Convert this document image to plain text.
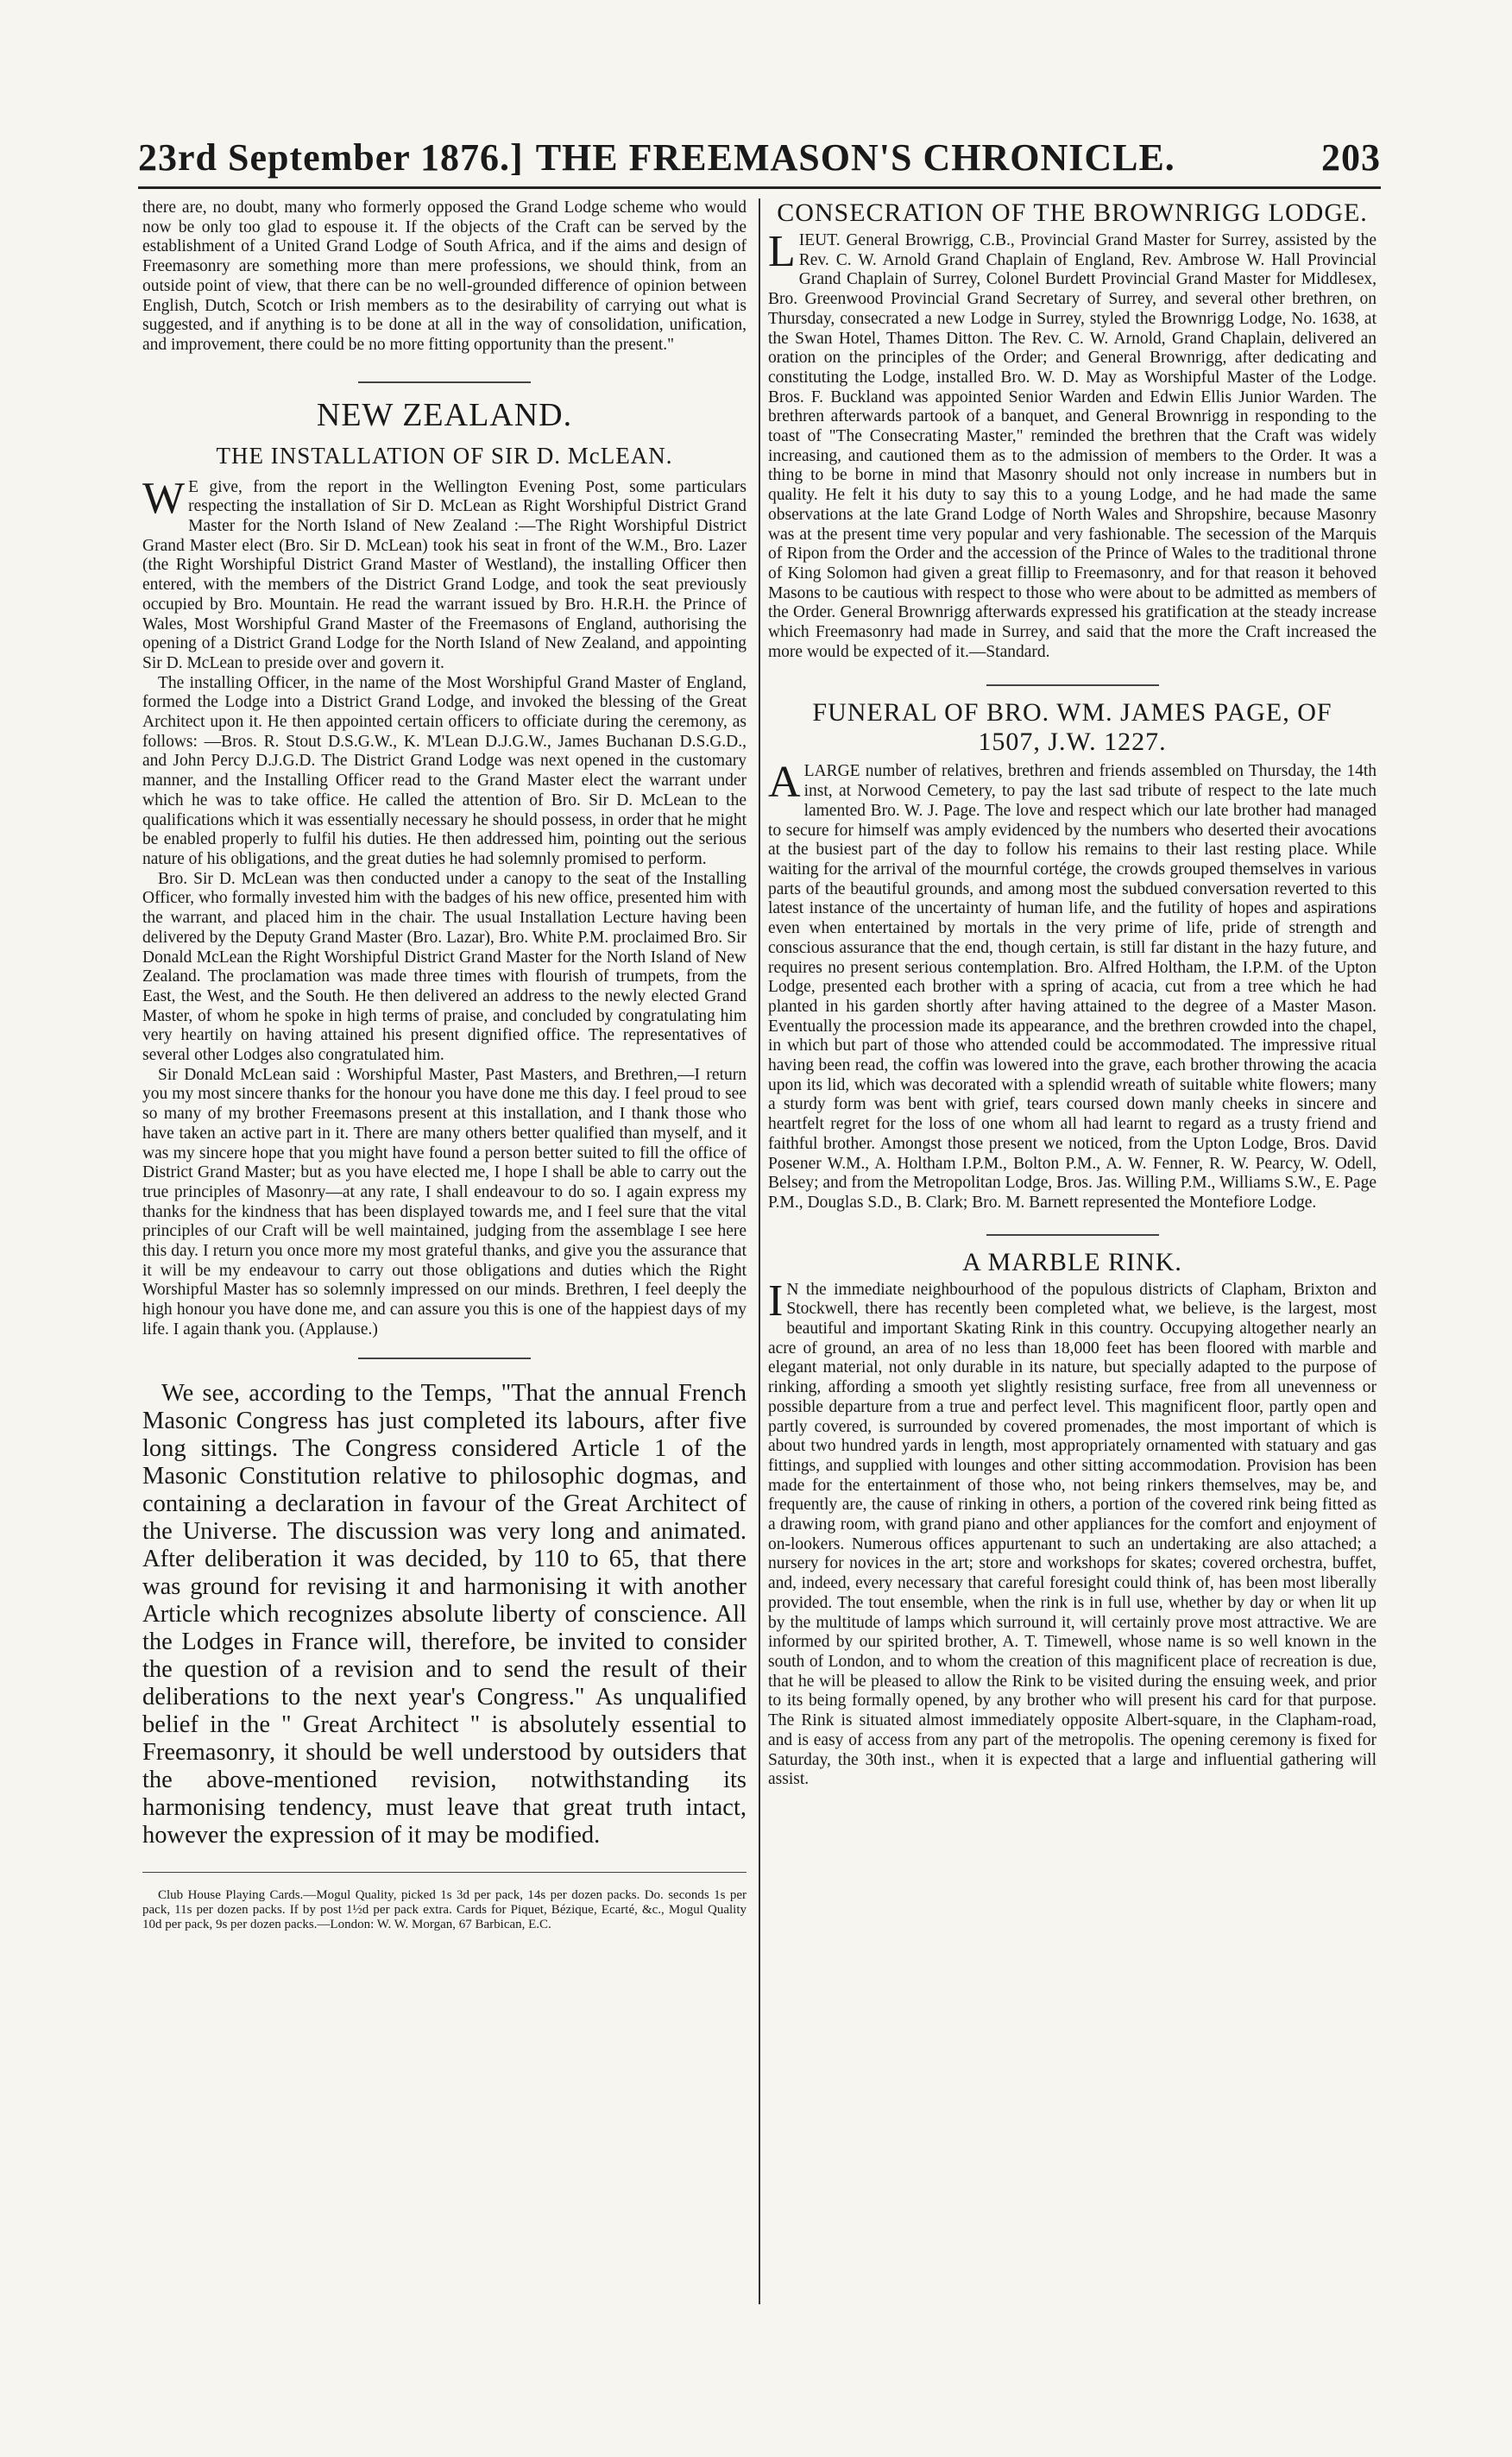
23rd September 1876.] THE FREEMASON'S CHRONICLE.	203

there are, no doubt, many who formerly opposed the Grand Lodge scheme who would now be only too glad to espouse it. If the objects of the Craft can be served by the establishment of a United Grand Lodge of South Africa, and if the aims and design of Freemasonry are something more than mere professions, we should think, from an outside point of view, that there can be no well-grounded difference of opinion between English, Dutch, Scotch or Irish members as to the desirability of carrying out what is suggested, and if anything is to be done at all in the way of consolidation, unification, and improvement, there could be no more fitting opportunity than the present."

NEW ZEALAND.
THE INSTALLATION OF SIR D. McLEAN.

W E give, from the report in the Wellington Evening Post, some particulars respecting the installation of Sir D. McLean as Right Worshipful District Grand Master for the North Island of New Zealand :—The Right Worshipful District Grand Master elect (Bro. Sir D. McLean) took his seat in front of the W.M., Bro. Lazer (the Right Worshipful District Grand Master of Westland), the installing Officer then entered, with the members of the District Grand Lodge, and took the seat previously occupied by Bro. Mountain. He read the warrant issued by Bro. H.R.H. the Prince of Wales, Most Worshipful Grand Master of the Freemasons of England, authorising the opening of a District Grand Lodge for the North Island of New Zealand, and appointing Sir D. McLean to preside over and govern it.

The installing Officer, in the name of the Most Worshipful Grand Master of England, formed the Lodge into a District Grand Lodge, and invoked the blessing of the Great Architect upon it. He then appointed certain officers to officiate during the ceremony, as follows: —Bros. R. Stout D.S.G.W., K. M'Lean D.J.G.W., James Buchanan D.S.G.D., and John Percy D.J.G.D. The District Grand Lodge was next opened in the customary manner, and the Installing Officer read to the Grand Master elect the warrant under which he was to take office. He called the attention of Bro. Sir D. McLean to the qualifications which it was essentially necessary he should possess, in order that he might be enabled properly to fulfil his duties. He then addressed him, pointing out the serious nature of his obligations, and the great duties he had solemnly promised to perform.

Bro. Sir D. McLean was then conducted under a canopy to the seat of the Installing Officer, who formally invested him with the badges of his new office, presented him with the warrant, and placed him in the chair. The usual Installation Lecture having been delivered by the Deputy Grand Master (Bro. Lazar), Bro. White P.M. proclaimed Bro. Sir Donald McLean the Right Worshipful District Grand Master for the North Island of New Zealand. The proclamation was made three times with flourish of trumpets, from the East, the West, and the South. He then delivered an address to the newly elected Grand Master, of whom he spoke in high terms of praise, and concluded by congratulating him very heartily on having attained his present dignified office. The representatives of several other Lodges also congratulated him.

Sir Donald McLean said : Worshipful Master, Past Masters, and Brethren,—I return you my most sincere thanks for the honour you have done me this day. I feel proud to see so many of my brother Freemasons present at this installation, and I thank those who have taken an active part in it. There are many others better qualified than myself, and it was my sincere hope that you might have found a person better suited to fill the office of District Grand Master; but as you have elected me, I hope I shall be able to carry out the true principles of Masonry—at any rate, I shall endeavour to do so. I again express my thanks for the kindness that has been displayed towards me, and I feel sure that the vital principles of our Craft will be well maintained, judging from the assemblage I see here this day. I return you once more my most grateful thanks, and give you the assurance that it will be my endeavour to carry out those obligations and duties which the Right Worshipful Master has so solemnly impressed on our minds. Brethren, I feel deeply the high honour you have done me, and can assure you this is one of the happiest days of my life. I again thank you. (Applause.)

We see, according to the Temps, "That the annual French Masonic Congress has just completed its labours, after five long sittings. The Congress considered Article 1 of the Masonic Constitution relative to philosophic dogmas, and containing a declaration in favour of the Great Architect of the Universe. The discussion was very long and animated. After deliberation it was decided, by 110 to 65, that there was ground for revising it and harmonising it with another Article which recognizes absolute liberty of conscience. All the Lodges in France will, therefore, be invited to consider the question of a revision and to send the result of their deliberations to the next year's Congress." As unqualified belief in the " Great Architect " is absolutely essential to Freemasonry, it should be well understood by outsiders that the above-mentioned revision, notwithstanding its harmonising tendency, must leave that great truth intact, however the expression of it may be modified.

Club House Playing Cards.—Mogul Quality, picked 1s 3d per pack, 14s per dozen packs. Do. seconds 1s per pack, 11s per dozen packs. If by post 1½d per pack extra. Cards for Piquet, Bézique, Ecarté, &c., Mogul Quality 10d per pack, 9s per dozen packs.—London: W. W. Morgan, 67 Barbican, E.C.

CONSECRATION OF THE BROWNRIGG LODGE.

LIEUT. General Browrigg, C.B., Provincial Grand Master for Surrey, assisted by the Rev. C. W. Arnold Grand Chaplain of England, Rev. Ambrose W. Hall Provincial Grand Chaplain of Surrey, Colonel Burdett Provincial Grand Master for Middlesex, Bro. Greenwood Provincial Grand Secretary of Surrey, and several other brethren, on Thursday, consecrated a new Lodge in Surrey, styled the Brownrigg Lodge, No. 1638, at the Swan Hotel, Thames Ditton. The Rev. C. W. Arnold, Grand Chaplain, delivered an oration on the principles of the Order; and General Brownrigg, after dedicating and constituting the Lodge, installed Bro. W. D. May as Worshipful Master of the Lodge. Bros. F. Buckland was appointed Senior Warden and Edwin Ellis Junior Warden. The brethren afterwards partook of a banquet, and General Brownrigg in responding to the toast of "The Consecrating Master," reminded the brethren that the Craft was widely increasing, and cautioned them as to the admission of members to the Order. It was a thing to be borne in mind that Masonry should not only increase in numbers but in quality. He felt it his duty to say this to a young Lodge, and he had made the same observations at the late Grand Lodge of North Wales and Shropshire, because Masonry was at the present time very popular and very fashionable. The secession of the Marquis of Ripon from the Order and the accession of the Prince of Wales to the traditional throne of King Solomon had given a great fillip to Freemasonry, and for that reason it behoved Masons to be cautious with respect to those who were about to be admitted as members of the Order. General Brownrigg afterwards expressed his gratification at the steady increase which Freemasonry had made in Surrey, and said that the more the Craft increased the more would be expected of it.—Standard.

FUNERAL OF BRO. WM. JAMES PAGE, OF
1507, J.W. 1227.

ALARGE number of relatives, brethren and friends assembled on Thursday, the 14th inst, at Norwood Cemetery, to pay the last sad tribute of respect to the late much lamented Bro. W. J. Page. The love and respect which our late brother had managed to secure for himself was amply evidenced by the numbers who deserted their avocations at the busiest part of the day to follow his remains to their last resting place. While waiting for the arrival of the mournful cortége, the crowds grouped themselves in various parts of the beautiful grounds, and among most the subdued conversation reverted to this latest instance of the uncertainty of human life, and the futility of hopes and aspirations even when entertained by mortals in the very prime of life, pride of strength and conscious assurance that the end, though certain, is still far distant in the hazy future, and requires no present serious contemplation. Bro. Alfred Holtham, the I.P.M. of the Upton Lodge, presented each brother with a spring of acacia, cut from a tree which he had planted in his garden shortly after having attained to the degree of a Master Mason. Eventually the procession made its appearance, and the brethren crowded into the chapel, in which but part of those who attended could be accommodated. The impressive ritual having been read, the coffin was lowered into the grave, each brother throwing the acacia upon its lid, which was decorated with a splendid wreath of suitable white flowers; many a sturdy form was bent with grief, tears coursed down manly cheeks in sincere and heartfelt regret for the loss of one whom all had learnt to regard as a trusty friend and faithful brother. Amongst those present we noticed, from the Upton Lodge, Bros. David Posener W.M., A. Holtham I.P.M., Bolton P.M., A. W. Fenner, R. W. Pearcy, W. Odell, Belsey; and from the Metropolitan Lodge, Bros. Jas. Willing P.M., Williams S.W., E. Page P.M., Douglas S.D., B. Clark; Bro. M. Barnett represented the Montefiore Lodge.

A MARBLE RINK.

I N the immediate neighbourhood of the populous districts of Clapham, Brixton and Stockwell, there has recently been completed what, we believe, is the largest, most beautiful and important Skating Rink in this country. Occupying altogether nearly an acre of ground, an area of no less than 18,000 feet has been floored with marble and elegant material, not only durable in its nature, but specially adapted to the purpose of rinking, affording a smooth yet slightly resisting surface, free from all unevenness or possible departure from a true and perfect level. This magnificent floor, partly open and partly covered, is surrounded by covered promenades, the most important of which is about two hundred yards in length, most appropriately ornamented with statuary and gas fittings, and supplied with lounges and other sitting accommodation. Provision has been made for the entertainment of those who, not being rinkers themselves, may be, and frequently are, the cause of rinking in others, a portion of the covered rink being fitted as a drawing room, with grand piano and other appliances for the comfort and enjoyment of on-lookers. Numerous offices appurtenant to such an undertaking are also attached; a nursery for novices in the art; store and workshops for skates; covered orchestra, buffet, and, indeed, every necessary that careful foresight could think of, has been most liberally provided. The tout ensemble, when the rink is in full use, whether by day or when lit up by the multitude of lamps which surround it, will certainly prove most attractive. We are informed by our spirited brother, A. T. Timewell, whose name is so well known in the south of London, and to whom the creation of this magnificent place of recreation is due, that he will be pleased to allow the Rink to be visited during the ensuing week, and prior to its being formally opened, by any brother who will present his card for that purpose. The Rink is situated almost immediately opposite Albert-square, in the Clapham-road, and is easy of access from any part of the metropolis. The opening ceremony is fixed for Saturday, the 30th inst., when it is expected that a large and influential gathering will assist.
